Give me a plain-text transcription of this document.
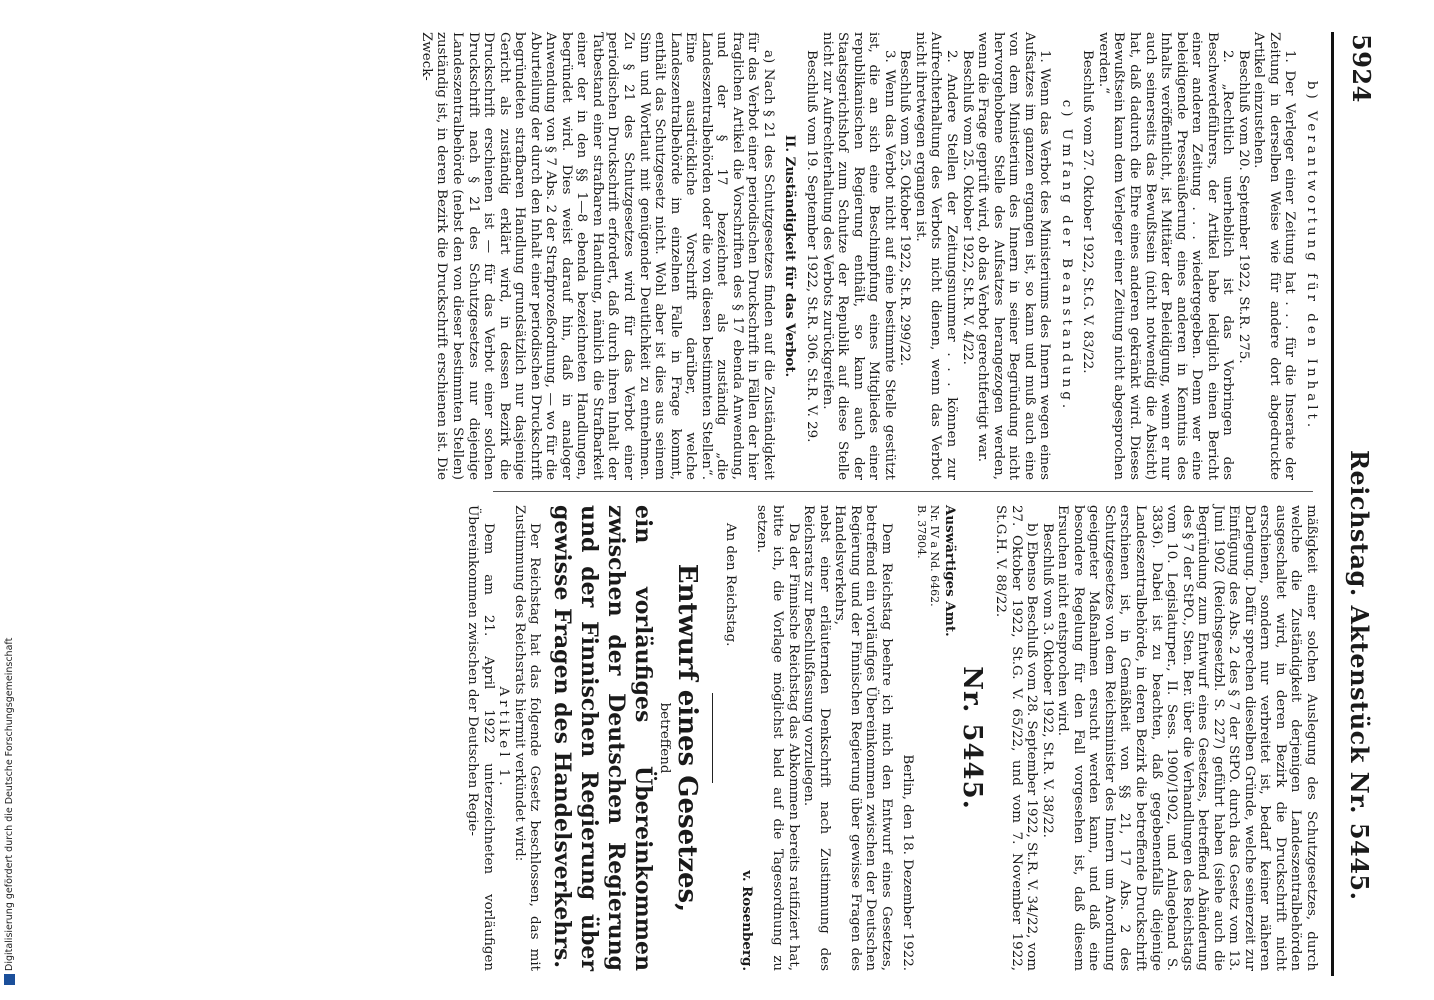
5924
Reichstag. Aktenstück Nr. 5445.

b) Verantwortung für den Inhalt.

1. Der Verleger einer Zeitung hat . . . für die Inserate der Zeitung in derselben Weise wie für andere dort abgedruckte Artikel einzustehen.

Beschluß vom 20. September 1922, St.R. 275.

2. „Rechtlich unerheblich ist das Vorbringen des Beschwerdeführers, der Artikel habe lediglich einen Bericht einer anderen Zeitung . . . wiedergegeben. Denn wer eine beleidigende Presseäußerung eines anderen in Kenntnis des Inhalts veröffentlicht, ist Mittäter der Beleidigung, wenn er nur auch seinerseits das Bewußtsein (nicht notwendig die Absicht) hat, daß dadurch die Ehre eines anderen gekränkt wird. Dieses Bewußtsein kann dem Verleger einer Zeitung nicht abgesprochen werden.“

Beschluß vom 27. Oktober 1922, St.G. V. 83/22.

c) Umfang der Beanstandung.

1. Wenn das Verbot des Ministeriums des Innern wegen eines Aufsatzes im ganzen ergangen ist, so kann und muß auch eine von dem Ministerium des Innern in seiner Begründung nicht hervorgehobene Stelle des Aufsatzes herangezogen werden, wenn die Frage geprüft wird, ob das Verbot gerechtfertigt war.

Beschluß vom 25. Oktober 1922, St.R. V. 4/22.

2. Andere Stellen der Zeitungsnummer . . . können zur Aufrechterhaltung des Verbots nicht dienen, wenn das Verbot nicht ihretwegen ergangen ist.

Beschluß vom 25. Oktober 1922, St.R. 299/22.

3. Wenn das Verbot nicht auf eine bestimmte Stelle gestützt ist, die an sich eine Beschimpfung eines Mitgliedes einer republikanischen Regierung enthält, so kann auch der Staatsgerichtshof zum Schutze der Republik auf diese Stelle nicht zur Aufrechterhaltung des Verbots zurückgreifen.

Beschluß vom 19. September 1922, St.R. 306. St.R. V. 29.

II. Zuständigkeit für das Verbot.

a) Nach § 21 des Schutzgesetzes finden auf die Zuständigkeit für das Verbot einer periodischen Druckschrift in Fällen der hier fraglichen Artikel die Vorschriften des § 17 ebenda Anwendung, und der § 17 bezeichnet als zuständig „die Landeszentralbehörden oder die von diesen bestimmten Stellen“. Eine ausdrückliche Vorschrift darüber, welche Landeszentralbehörde im einzelnen Falle in Frage kommt, enthält das Schutzgesetz nicht. Wohl aber ist dies aus seinem Sinn und Wortlaut mit genügender Deutlichkeit zu entnehmen. Zu § 21 des Schutzgesetzes wird für das Verbot einer periodischen Druckschrift erfordert, daß durch ihren Inhalt der Tatbestand einer strafbaren Handlung, nämlich die Strafbarkeit einer der in den §§ 1—8 ebenda bezeichneten Handlungen, begründet wird. Dies weist darauf hin, daß in analoger Anwendung von § 7 Abs. 2 der Strafprozeßordnung, — wo für die Aburteilung der durch den Inhalt einer periodischen Druckschrift begründeten strafbaren Handlung grundsätzlich nur dasjenige Gericht als zuständig erklärt wird, in dessen Bezirk die Druckschrift erschienen ist — für das Verbot einer solchen Druckschrift nach § 21 des Schutzgesetzes nur diejenige Landeszentralbehörde (nebst den von dieser bestimmten Stellen) zuständig ist, in deren Bezirk die Druckschrift erschienen ist. Die Zweck-

mäßigkeit einer solchen Auslegung des Schutzgesetzes, durch welche die Zuständigkeit derjenigen Landeszentralbehörden ausgeschaltet wird, in deren Bezirk die Druckschrift nicht erschienen, sondern nur verbreitet ist, bedarf keiner näheren Darlegung. Dafür sprechen dieselben Gründe, welche seinerzeit zur Einfügung des Abs. 2 des § 7 der StPO. durch das Gesetz vom 13. Juni 1902 (Reichsgesetzbl. S. 227) geführt haben (siehe auch die Begründung zum Entwurf eines Gesetzes, betreffend Abänderung des § 7 der StPO., Sten. Ber. über die Verhandlungen des Reichstags vom 10. Legislaturper., II. Sess. 1900/1902, und Anlageband S. 3836). Dabei ist zu beachten, daß gegebenenfalls diejenige Landeszentralbehörde, in deren Bezirk die betreffende Druckschrift erschienen ist, in Gemäßheit von §§ 21, 17 Abs. 2 des Schutzgesetzes von dem Reichsminister des Innern um Anordnung geeigneter Maßnahmen ersucht werden kann, und daß eine besondere Regelung für den Fall vorgesehen ist, daß diesem Ersuchen nicht entsprochen wird.

Beschluß vom 3. Oktober 1922, St.R. V. 38/22.

b) Ebenso Beschluß vom 28. September 1922, St.R. V. 34/22, vom 27. Oktober 1922, St.G. V. 65/22, und vom 7. November 1922, St.G.H. V. 88/22.

Nr. 5445.

Auswärtiges Amt.

Nr. IV a Nd. 6462.

B. 37804.

Berlin, den 18. Dezember 1922.

Dem Reichstag beehre ich mich den Entwurf eines Gesetzes, betreffend ein vorläufiges Übereinkommen zwischen der Deutschen Regierung und der Finnischen Regierung über gewisse Fragen des Handelsverkehrs,

nebst einer erläuternden Denkschrift nach Zustimmung des Reichsrats zur Beschlußfassung vorzulegen.

Da der Finnische Reichstag das Abkommen bereits ratifiziert hat, bitte ich, die Vorlage möglichst bald auf die Tagesordnung zu setzen.

v. Rosenberg.

An den Reichstag.

Entwurf eines Gesetzes,

betreffend

ein vorläufiges Übereinkommen zwischen der Deutschen Regierung und der Finnischen Regierung über gewisse Fragen des Handelsverkehrs.

Der Reichstag hat das folgende Gesetz beschlossen, das mit Zustimmung des Reichsrats hiermit verkündet wird:

Artikel 1.

Dem am 21. April 1922 unterzeichneten vorläufigen Übereinkommen zwischen der Deutschen Regie-

Digitalisierung gefördert durch die Deutsche Forschungsgemeinschaft
